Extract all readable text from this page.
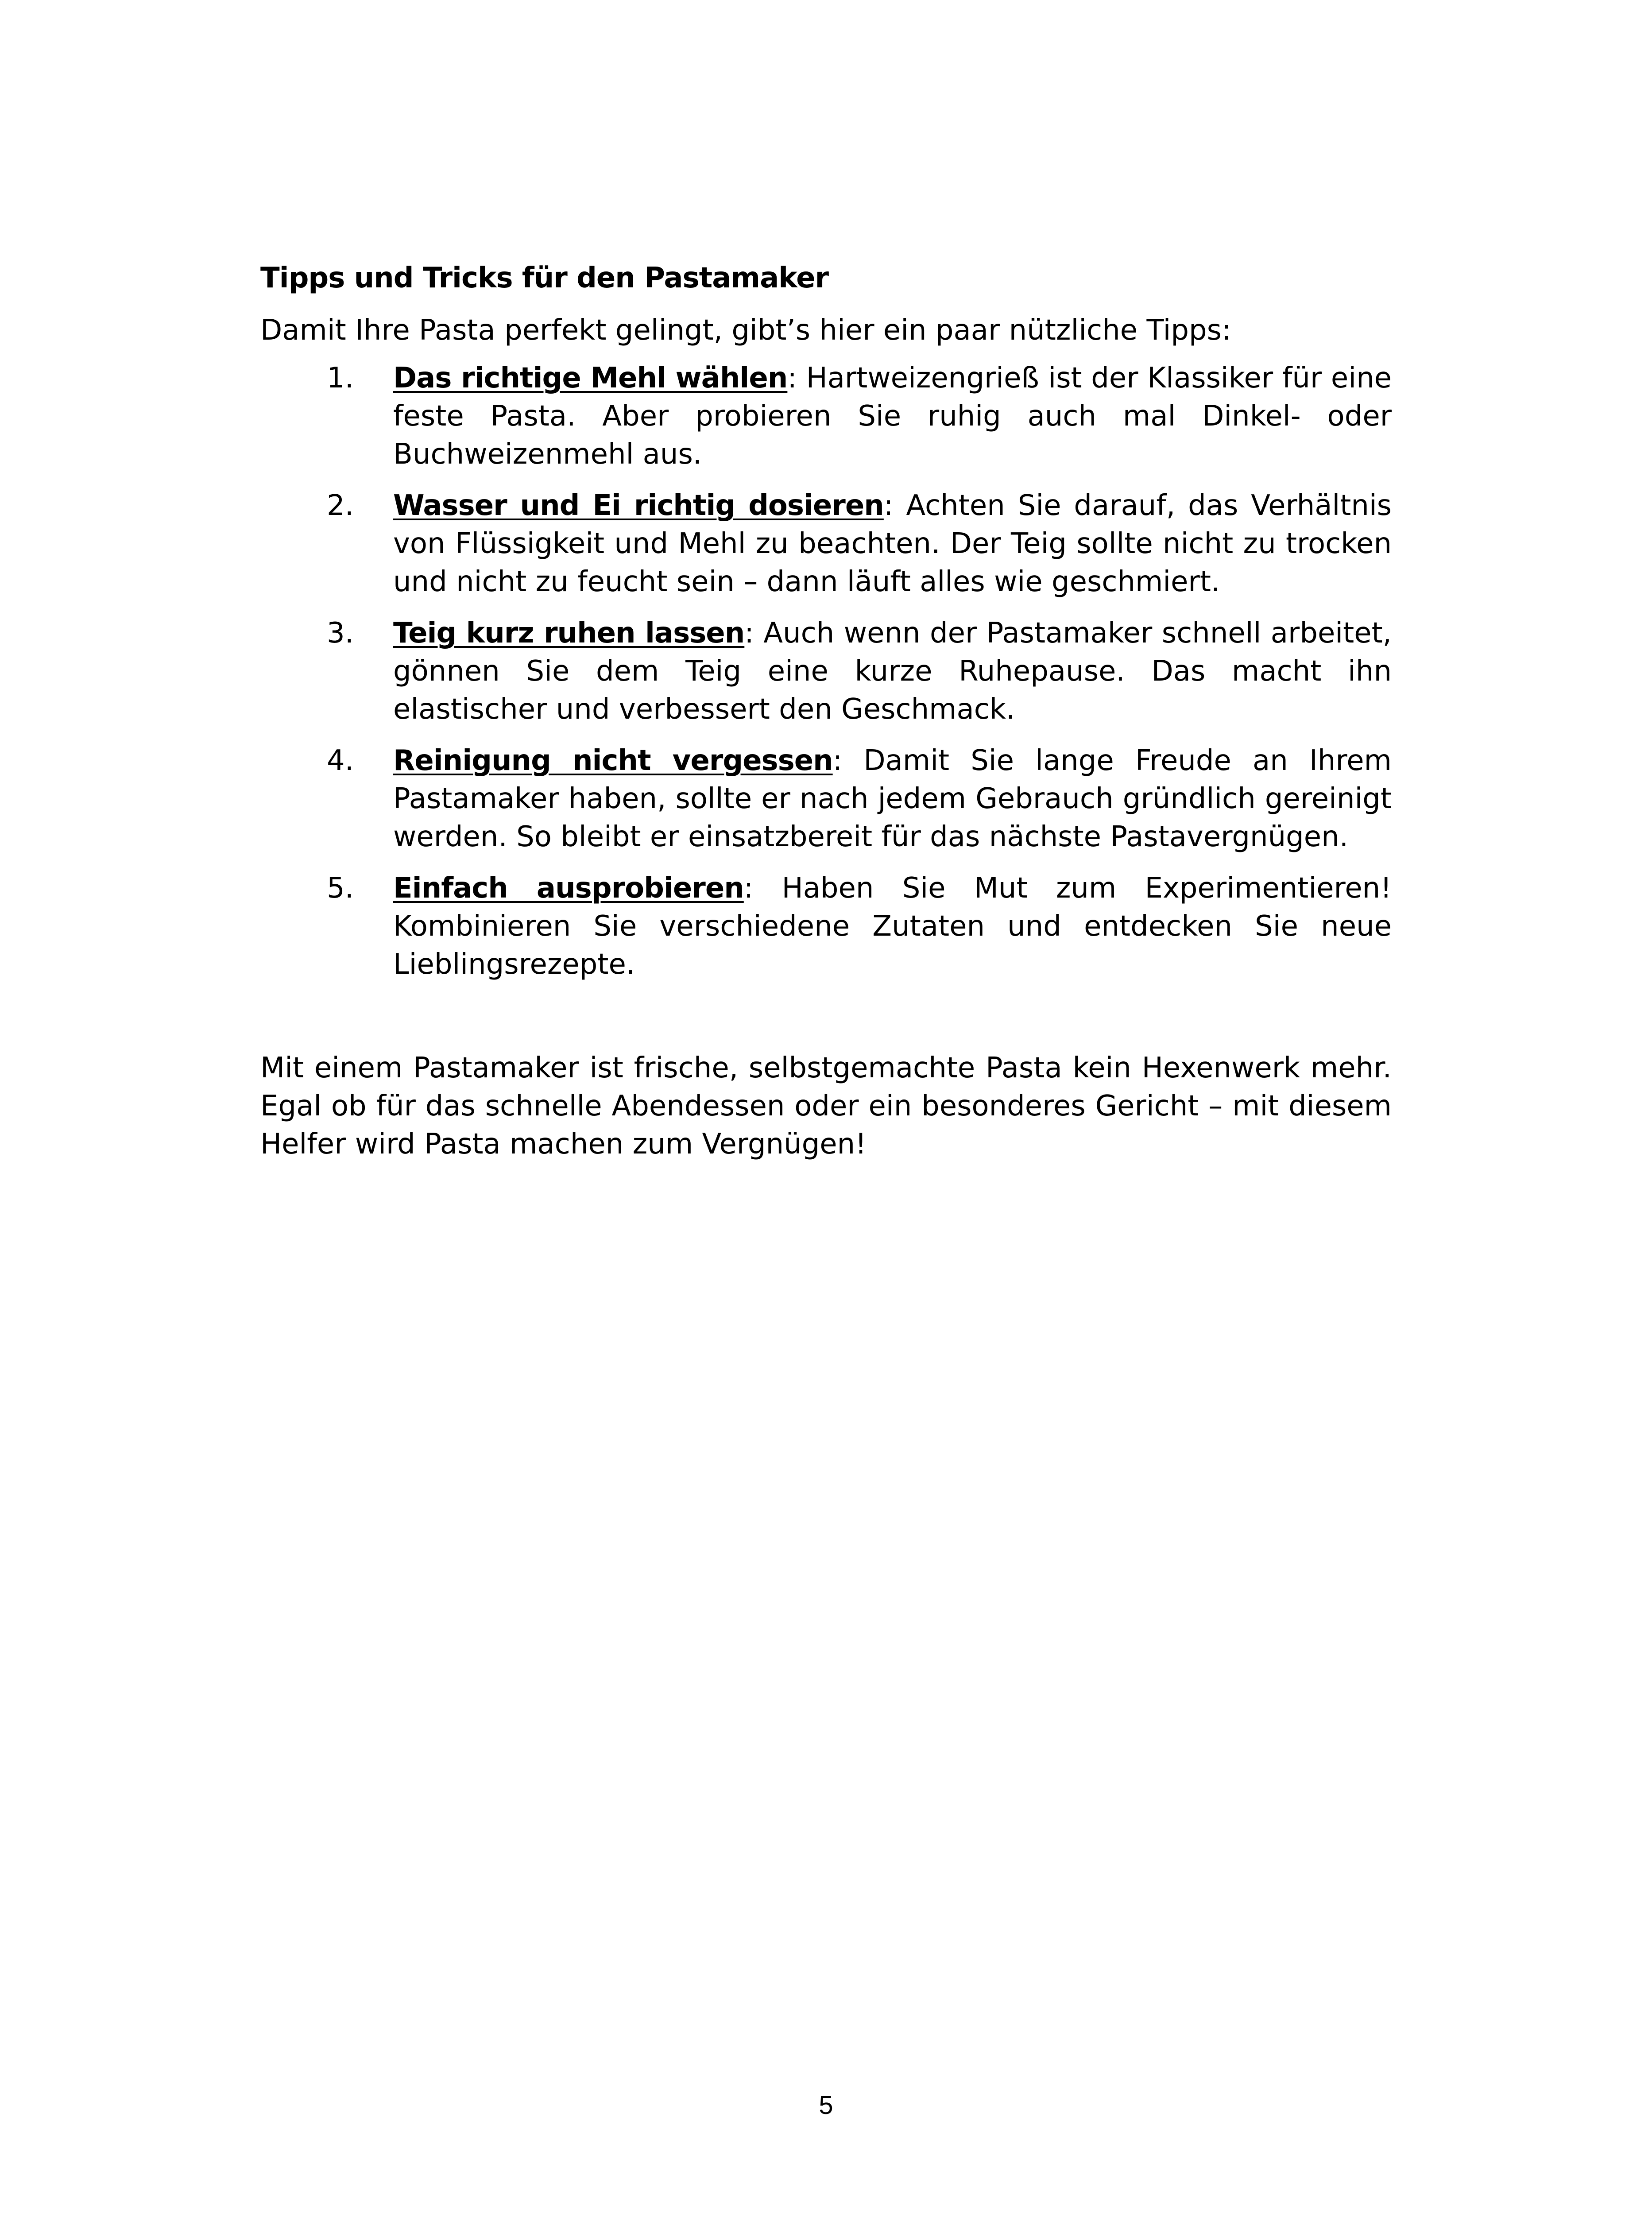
Tipps und Tricks für den Pastamaker

Damit Ihre Pasta perfekt gelingt, gibt’s hier ein paar nützliche Tipps:

1. Das richtige Mehl wählen: Hartweizengrieß ist der Klassiker für eine feste Pasta. Aber probieren Sie ruhig auch mal Dinkel- oder Buchweizenmehl aus.
2. Wasser und Ei richtig dosieren: Achten Sie darauf, das Verhältnis von Flüssigkeit und Mehl zu beachten. Der Teig sollte nicht zu trocken und nicht zu feucht sein – dann läuft alles wie geschmiert.
3. Teig kurz ruhen lassen: Auch wenn der Pastamaker schnell arbeitet, gönnen Sie dem Teig eine kurze Ruhepause. Das macht ihn elastischer und verbessert den Geschmack.
4. Reinigung nicht vergessen: Damit Sie lange Freude an Ihrem Pastamaker haben, sollte er nach jedem Gebrauch gründlich gereinigt werden. So bleibt er einsatzbereit für das nächste Pastavergnügen.
5. Einfach ausprobieren: Haben Sie Mut zum Experimentieren! Kombinieren Sie verschiedene Zutaten und entdecken Sie neue Lieblingsrezepte.

Mit einem Pastamaker ist frische, selbstgemachte Pasta kein Hexenwerk mehr. Egal ob für das schnelle Abendessen oder ein besonderes Gericht – mit diesem Helfer wird Pasta machen zum Vergnügen!

5
